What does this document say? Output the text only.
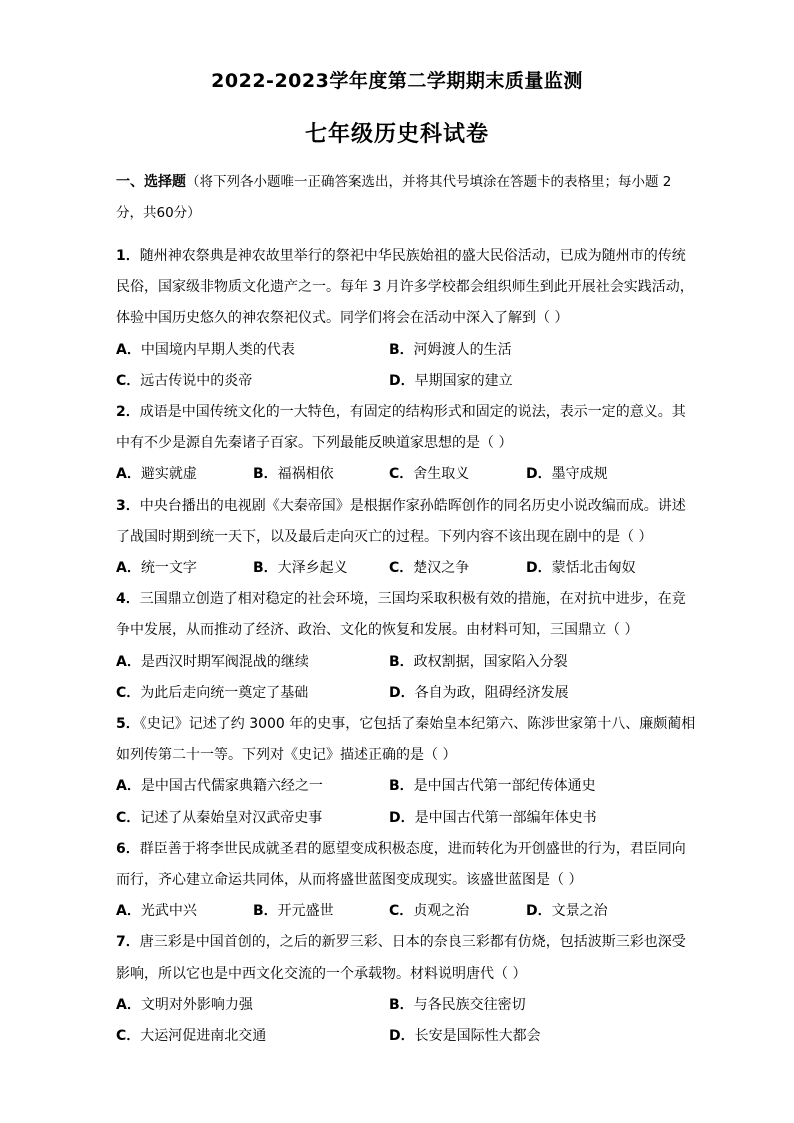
2022-2023学年度第二学期期末质量监测
七年级历史科试卷
一、选择题（将下列各小题唯一正确答案选出，并将其代号填涂在答题卡的表格里；每小题 2 分，共60分）

1．随州神农祭典是神农故里举行的祭祀中华民族始祖的盛大民俗活动，已成为随州市的传统民俗，国家级非物质文化遗产之一。每年 3 月许多学校都会组织师生到此开展社会实践活动，体验中国历史悠久的神农祭祀仪式。同学们将会在活动中深入了解到（ ）

A．中国境内早期人类的代表	B．河姆渡人的生活
C．远古传说中的炎帝	D．早期国家的建立

2．成语是中国传统文化的一大特色，有固定的结构形式和固定的说法，表示一定的意义。其中有不少是源自先秦诸子百家。下列最能反映道家思想的是（ ）

A．避实就虚	B．福祸相依	C．舍生取义	D．墨守成规

3．中央台播出的电视剧《大秦帝国》是根据作家孙皓晖创作的同名历史小说改编而成。讲述了战国时期到统一天下，以及最后走向灭亡的过程。下列内容不该出现在剧中的是（ ）

A．统一文字	B．大泽乡起义	C．楚汉之争	D．蒙恬北击匈奴

4．三国鼎立创造了相对稳定的社会环境，三国均采取积极有效的措施，在对抗中进步，在竞争中发展，从而推动了经济、政治、文化的恢复和发展。由材料可知，三国鼎立（ ）

A．是西汉时期军阀混战的继续	B．政权割据，国家陷入分裂
C．为此后走向统一奠定了基础	D．各自为政，阻碍经济发展

5．《史记》记述了约 3000 年的史事，它包括了秦始皇本纪第六、陈涉世家第十八、廉颇蔺相如列传第二十一等。下列对《史记》描述正确的是（ ）

A．是中国古代儒家典籍六经之一	B．是中国古代第一部纪传体通史
C．记述了从秦始皇对汉武帝史事	D．是中国古代第一部编年体史书

6．群臣善于将李世民成就圣君的愿望变成积极态度，进而转化为开创盛世的行为，君臣同向而行，齐心建立命运共同体，从而将盛世蓝图变成现实。该盛世蓝图是（ ）

A．光武中兴	B．开元盛世	C．贞观之治	D．文景之治

7．唐三彩是中国首创的，之后的新罗三彩、日本的奈良三彩都有仿烧，包括波斯三彩也深受影响，所以它也是中西文化交流的一个承载物。材料说明唐代（ ）

A．文明对外影响力强	B．与各民族交往密切
C．大运河促进南北交通	D．长安是国际性大都会
